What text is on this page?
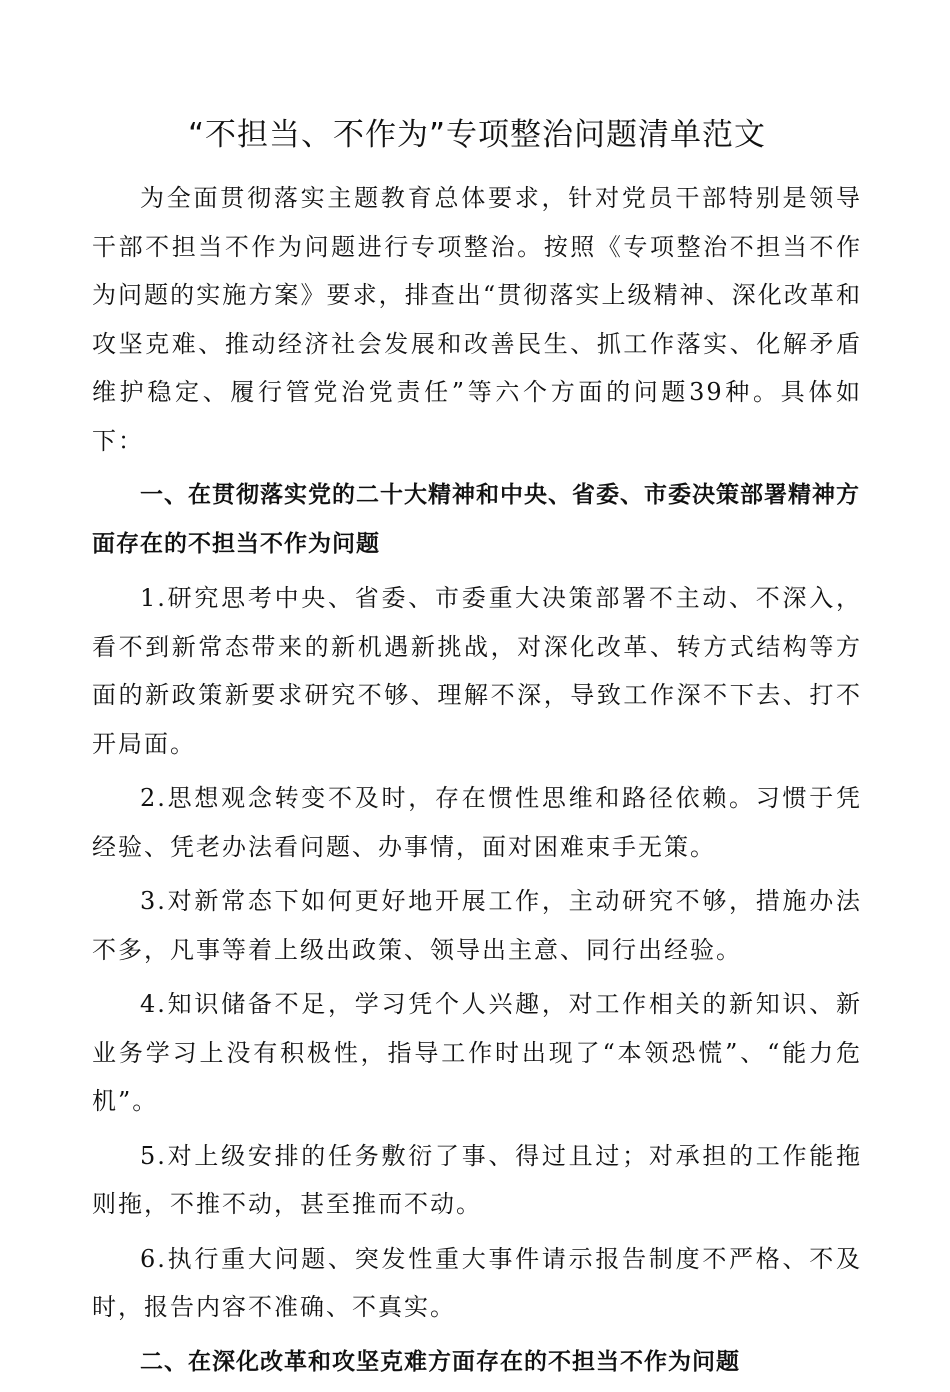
“不担当、不作为”专项整治问题清单范文

为全面贯彻落实主题教育总体要求，针对党员干部特别是领导干部不担当不作为问题进行专项整治。按照《专项整治不担当不作为问题的实施方案》要求，排查出“贯彻落实上级精神、深化改革和攻坚克难、推动经济社会发展和改善民生、抓工作落实、化解矛盾维护稳定、履行管党治党责任”等六个方面的问题39种。具体如下：

一、在贯彻落实党的二十大精神和中央、省委、市委决策部署精神方面存在的不担当不作为问题

1.研究思考中央、省委、市委重大决策部署不主动、不深入，看不到新常态带来的新机遇新挑战，对深化改革、转方式结构等方面的新政策新要求研究不够、理解不深，导致工作深不下去、打不开局面。

2.思想观念转变不及时，存在惯性思维和路径依赖。习惯于凭经验、凭老办法看问题、办事情，面对困难束手无策。

3.对新常态下如何更好地开展工作，主动研究不够，措施办法不多，凡事等着上级出政策、领导出主意、同行出经验。

4.知识储备不足，学习凭个人兴趣，对工作相关的新知识、新业务学习上没有积极性，指导工作时出现了“本领恐慌”、“能力危机”。

5.对上级安排的任务敷衍了事、得过且过；对承担的工作能拖则拖，不推不动，甚至推而不动。

6.执行重大问题、突发性重大事件请示报告制度不严格、不及时，报告内容不准确、不真实。

二、在深化改革和攻坚克难方面存在的不担当不作为问题
